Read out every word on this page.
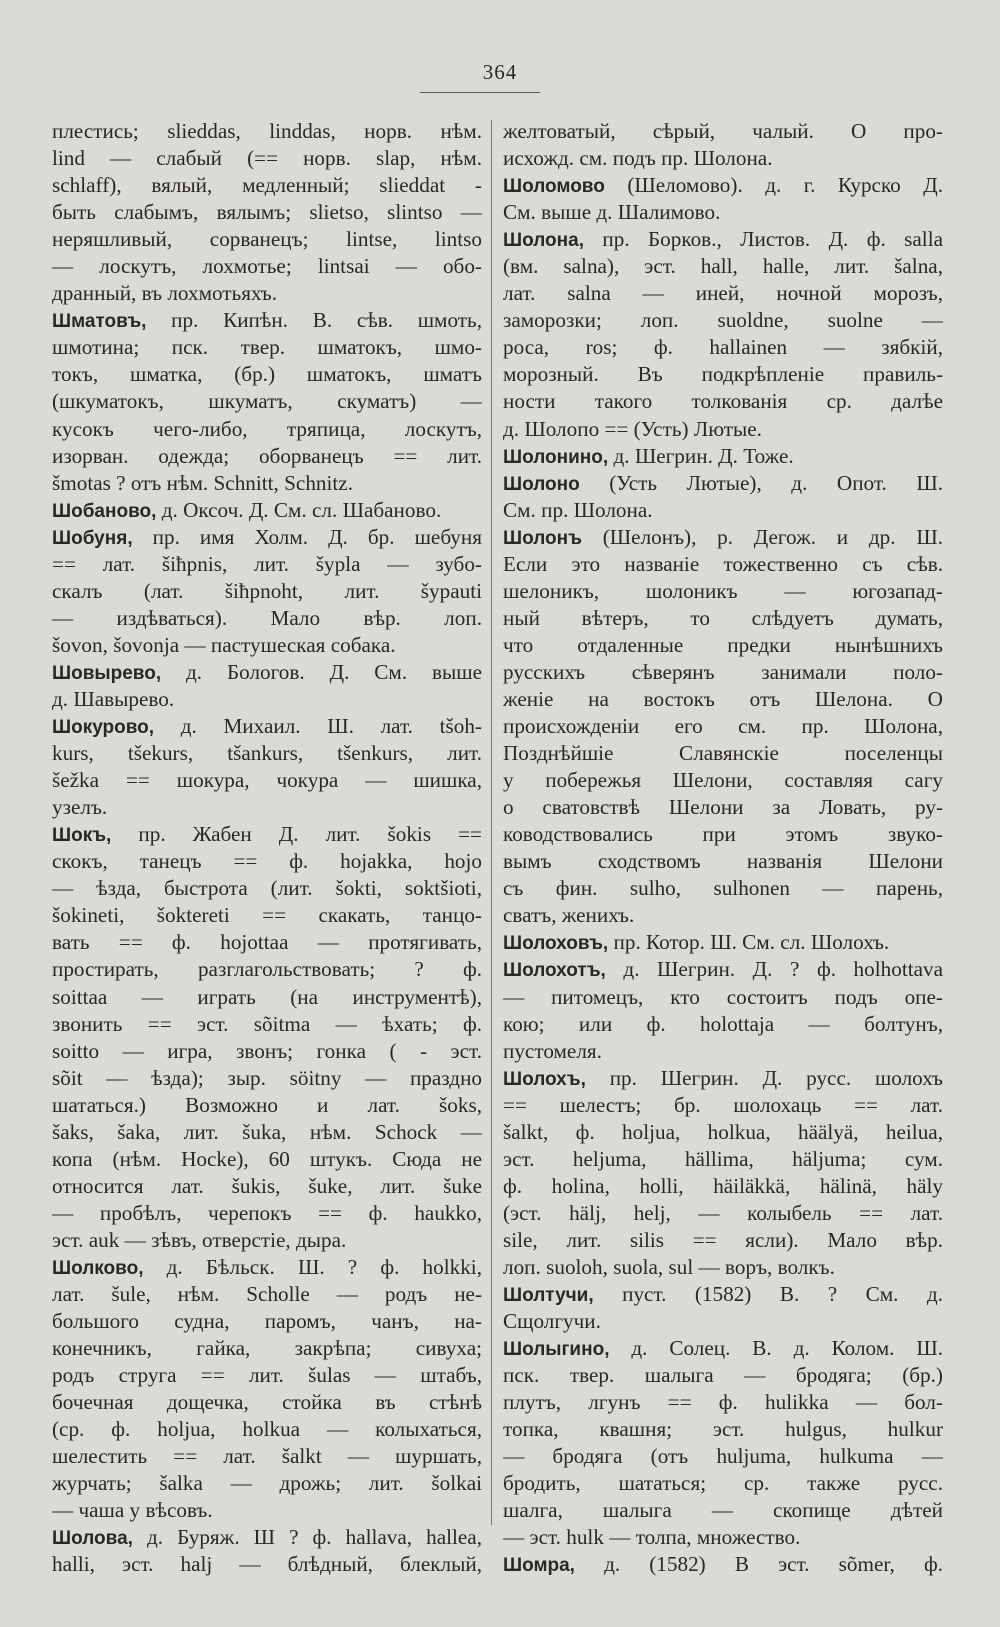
364
плестись; slieddas, linddas, норв. нѣм.
lind — слабый (== норв. slap, нѣм.
schlaff), вялый, медленный; slieddat -
быть слабымъ, вялымъ; slietso, slintso —
неряшливый, сорванецъ; lintse, lintso
— лоскутъ, лохмотье; lintsai — обо-
дранный, въ лохмотьяхъ.
Шматовъ, пр. Кипѣн. В. сѣв. шмоть,
шмотина; пск. твер. шматокъ, шмо-
токъ, шматка, (бр.) шматокъ, шматъ
(шкуматокъ, шкуматъ, скуматъ) —
кусокъ чего-либо, тряпица, лоскутъ,
изорван. одежда; оборванецъ == лит.
šmotas ? отъ нѣм. Schnitt, Schnitz.
Шобаново, д. Оксоч. Д. См. сл. Шабаново.
Шобуня, пр. имя Холм. Д. бр. шебуня
== лат. šiħpnis, лит. šypla — зубо-
скалъ (лат. šiħpnoht, лит. šypauti
— издѣваться). Мало вѣр. лоп.
šovon, šovonja — пастушеская собака.
Шовырево, д. Бологов. Д. См. выше
д. Шавырево.
Шокурово, д. Михаил. Ш. лат. tšoh-
kurs, tšekurs, tšankurs, tšenkurs, лит.
šežka == шокура, чокура — шишка,
узелъ.
Шокъ, пр. Жабен Д. лит. šokis ==
скокъ, танецъ == ф. hojakka, hojo
— ѣзда, быстрота (лит. šokti, soktšioti,
šokineti, šoktereti == скакать, танцо-
вать == ф. hojottaa — протягивать,
простирать, разглагольствовать; ? ф.
soittaa — играть (на инструментѣ),
звонить == эст. sõitma — ѣхать; ф.
soitto — игра, звонъ; гонка ( - эст.
sõit — ѣзда); зыр. söitny — праздно
шататься.) Возможно и лат. šoks,
šaks, šaka, лит. šuka, нѣм. Schock —
копа (нѣм. Hocke), 60 штукъ. Сюда не
относится лат. šukis, šuke, лит. šuke
— пробѣлъ, черепокъ == ф. haukko,
эст. auk — зѣвъ, отверстіе, дыра.
Шолково, д. Бѣльск. Ш. ? ф. holkki,
лат. šule, нѣм. Scholle — родъ не-
большого судна, паромъ, чанъ, на-
конечникъ, гайка, закрѣпа; сивуха;
родъ струга == лит. šulas — штабъ,
бочечная дощечка, стойка въ стѣнѣ
(ср. ф. holjua, holkua — колыхаться,
шелестить == лат. šalkt — шуршать,
журчать; šalka — дрожь; лит. šolkai
— чаша у вѣсовъ.
Шолова, д. Буряж. Ш ? ф. hallava, hallea,
halli, эст. halj — блѣдный, блеклый,
желтоватый, сѣрый, чалый. О про-
исхожд. см. подъ пр. Шолона.
Шоломово (Шеломово). д. г. Курско Д.
См. выше д. Шалимово.
Шолона, пр. Борков., Листов. Д. ф. salla
(вм. salna), эст. hall, halle, лит. šalna,
лат. salna — иней, ночной морозъ,
заморозки; лоп. suoldne, suolne —
роса, ros; ф. hallainen — зябкій,
морозный. Въ подкрѣпленіе правиль-
ности такого толкованія ср. далѣе
д. Шолопо == (Усть) Лютые.
Шолонино, д. Шегрин. Д. Тоже.
Шолоно (Усть Лютые), д. Опот. Ш.
См. пр. Шолона.
Шолонъ (Шелонъ), р. Дегож. и др. Ш.
Если это названіе тожественно съ сѣв.
шелоникъ, шолоникъ — югозапад-
ный вѣтеръ, то слѣдуетъ думать,
что отдаленные предки нынѣшнихъ
русскихъ сѣверянъ занимали поло-
женіе на востокъ отъ Шелона. О
происхожденіи его см. пр. Шолона,
Позднѣйшіе Славянскіе поселенцы
у побережья Шелони, составляя сагу
о сватовствѣ Шелони за Ловать, ру-
ководствовались при этомъ звуко-
вымъ сходствомъ названія Шелони
съ фин. sulho, sulhonen — парень,
сватъ, женихъ.
Шолоховъ, пр. Котор. Ш. См. сл. Шолохъ.
Шолохотъ, д. Шегрин. Д. ? ф. holhottava
— питомецъ, кто состоитъ подъ опе-
кою; или ф. holottaja — болтунъ,
пустомеля.
Шолохъ, пр. Шегрин. Д. русс. шолохъ
== шелестъ; бр. шолохаць == лат.
šalkt, ф. holjua, holkua, häälyä, heilua,
эст. heljuma, hällima, häljuma; сум.
ф. holina, holli, häiläkkä, hälinä, häly
(эст. hälj, helj, — колыбель == лат.
sile, лит. silis == ясли). Мало вѣр.
лоп. suoloh, suola, sul — воръ, волкъ.
Шолтучи, пуст. (1582) В. ? См. д.
Сщолгучи.
Шолыгино, д. Солец. В. д. Колом. Ш.
пск. твер. шалыга — бродяга; (бр.)
плутъ, лгунъ == ф. hulikka — бол-
топка, квашня; эст. hulgus, hulkur
— бродяга (отъ hulјuma, hulkuma —
бродить, шататься; ср. также русс.
шалга, шалыга — скопище дѣтей
— эст. hulk — толпа, множество.
Шомра, д. (1582) В эст. sõmer, ф.
